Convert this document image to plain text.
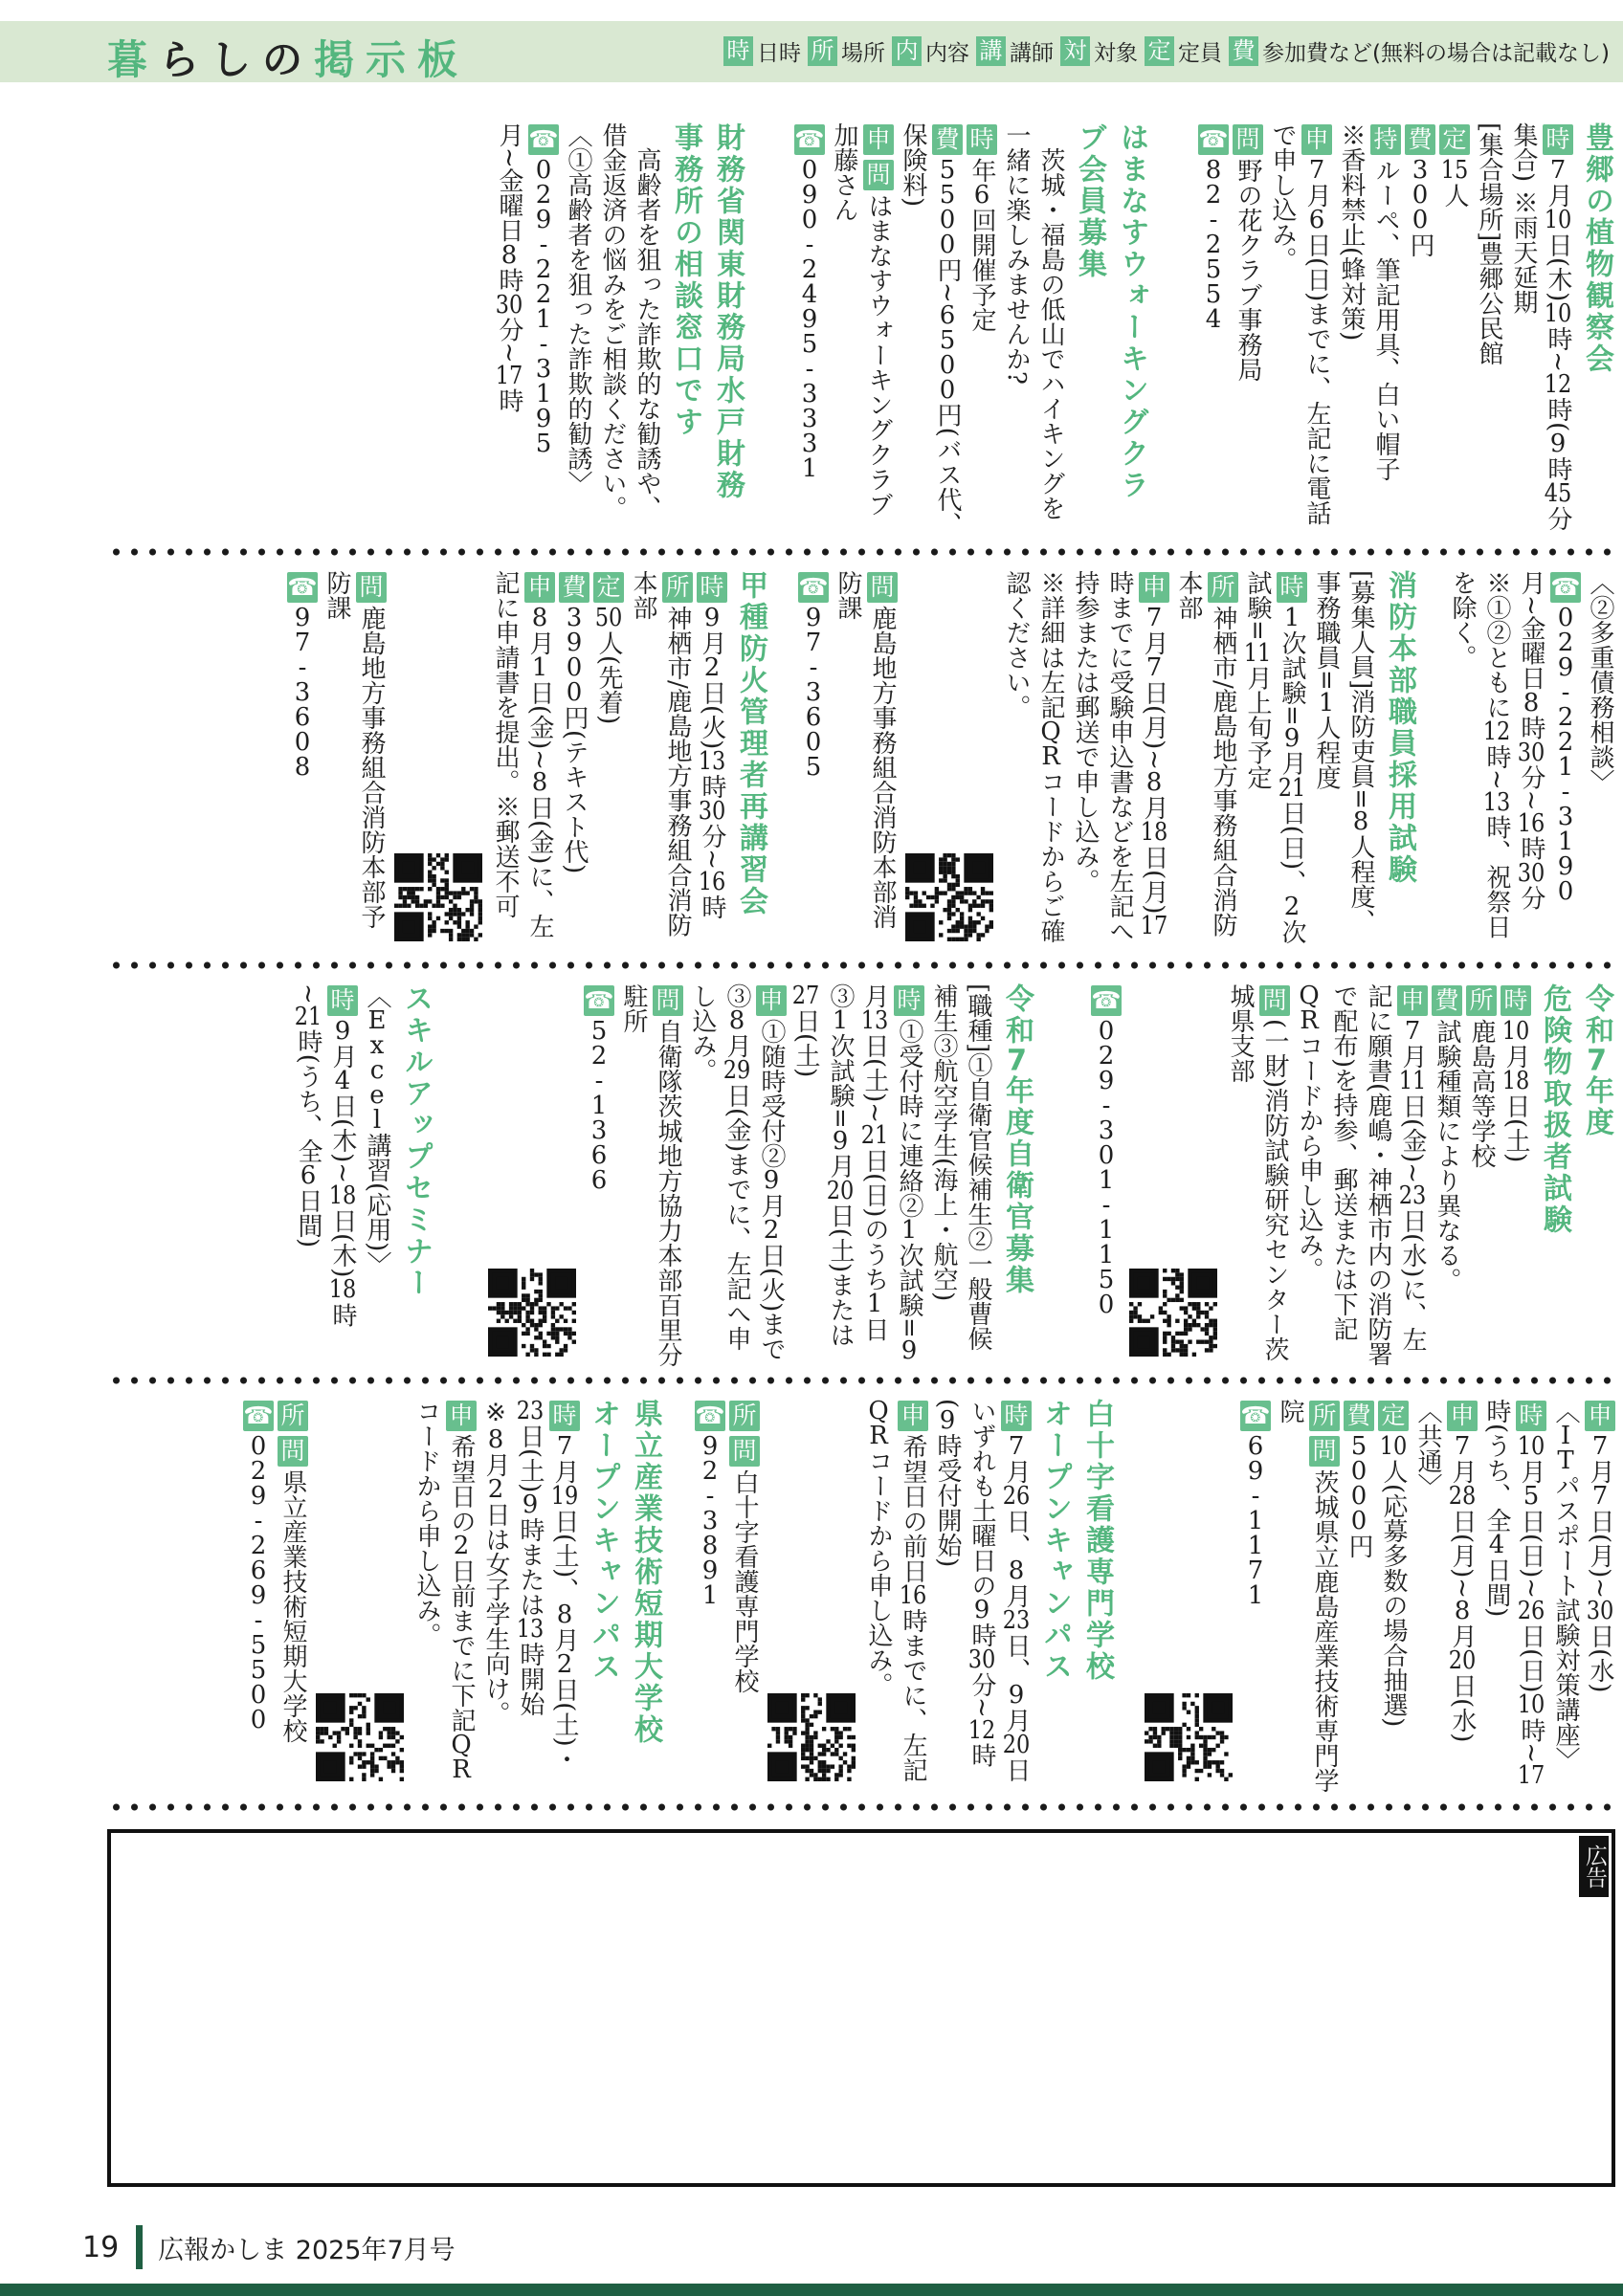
暮らしの掲示板	時 日時 所 場所 内 内容 講 講師 対 対象 定 定員 費 参加費など(無料の場合は記載なし)
豊郷の植物観察会
時7月10日(木)10時~12時(9時45分集合) ※雨天延期
[集合場所]豊郷公民館
定15人
費300円
持ルーペ、筆記用具、白い帽子
※香料禁止(蜂対策)
申7月6日(日)までに、左記に電話で申し込み。
問野の花クラブ事務局
☎82-2554
はまなすウォーキングクラ
ブ会員募集
茨城・福島の低山でハイキングを一緒に楽しみませんか?
時年6回開催予定
費5500円~6500円(バス代、保険料)
申問はまなすウォーキングクラブ 加藤さん
☎090-2495-3331
財務省関東財務局水戸財務
事務所の相談窓口です
高齢者を狙った詐欺的な勧誘や、借金返済の悩みをご相談ください。
〈①高齢者を狙った詐欺的勧誘〉
☎029-221-3195
月~金曜日8時30分~17時
〈②多重債務相談〉
☎029-221-3190
月~金曜日8時30分~16時30分
※①②ともに12時~13時、祝祭日を除く。
消防本部職員採用試験
[募集人員]消防吏員=8人程度、事務職員=1人程度
時1次試験=9月21日(日)、2次試験=11月上旬予定
所神栖市/鹿島地方事務組合消防本部
申7月7日(月)~8月18日(月)17時までに受験申込書などを左記へ持参または郵送で申し込み。
※詳細は左記QRコードからご確認ください。
問鹿島地方事務組合消防本部消防課
☎97-3605
甲種防火管理者再講習会
時9月2日(火)13時30分~16時
所神栖市/鹿島地方事務組合消防本部
定50人(先着)
費3900円(テキスト代)
申8月1日(金)~8日(金)に、左記に申請書を提出。※郵送不可
問鹿島地方事務組合消防本部予防課
☎97-3608
令和7年度
危険物取扱者試験
時10月18日(土)
所鹿島高等学校
費試験種類により異なる。
申7月11日(金)~23日(水)に、左記に願書(鹿嶋・神栖市内の消防署で配布)を持参、郵送または下記QRコードから申し込み。
問(一財)消防試験研究センター茨城県支部
☎029-301-1150
令和7年度自衛官募集
[職種]①自衛官候補生②一般曹候補生③航空学生(海上・航空)
時①受付時に連絡②1次試験=9月13日(土)~21日(日)のうち1日③1次試験=9月20日(土)または27日(土)
申①随時受付②9月2日(火)まで③8月29日(金)までに、左記へ申し込み。
問自衛隊茨城地方協力本部百里分駐所
☎52-1366
スキルアップセミナー
〈Excel講習(応用)〉
時9月4日(木)~18日(木)18時~21時(うち、全6日間)
申7月7日(月)~30日(水)
〈ITパスポート試験対策講座〉
時10月5日(日)~26日(日)10時~17時(うち、全4日間)
申7月28日(月)~8月20日(水)
〈共通〉
定10人(応募多数の場合抽選)
費5000円
所問茨城県立鹿島産業技術専門学院
☎69-1171
白十字看護専門学校
オープンキャンパス
時7月26日、8月23日、9月20日いずれも土曜日の9時30分~12時(9時受付開始)
申希望日の前日16時までに、左記QRコードから申し込み。
所問白十字看護専門学校
☎92-3891
県立産業技術短期大学校
オープンキャンパス
時7月19日(土)、8月2日(土)・23日(土)9時または13時開始
※8月2日は女子学生向け。
申希望日の2日前までに下記QRコードから申し込み。
所問県立産業技術短期大学校
☎029-269-5500
広告
19 広報かしま 2025年7月号
